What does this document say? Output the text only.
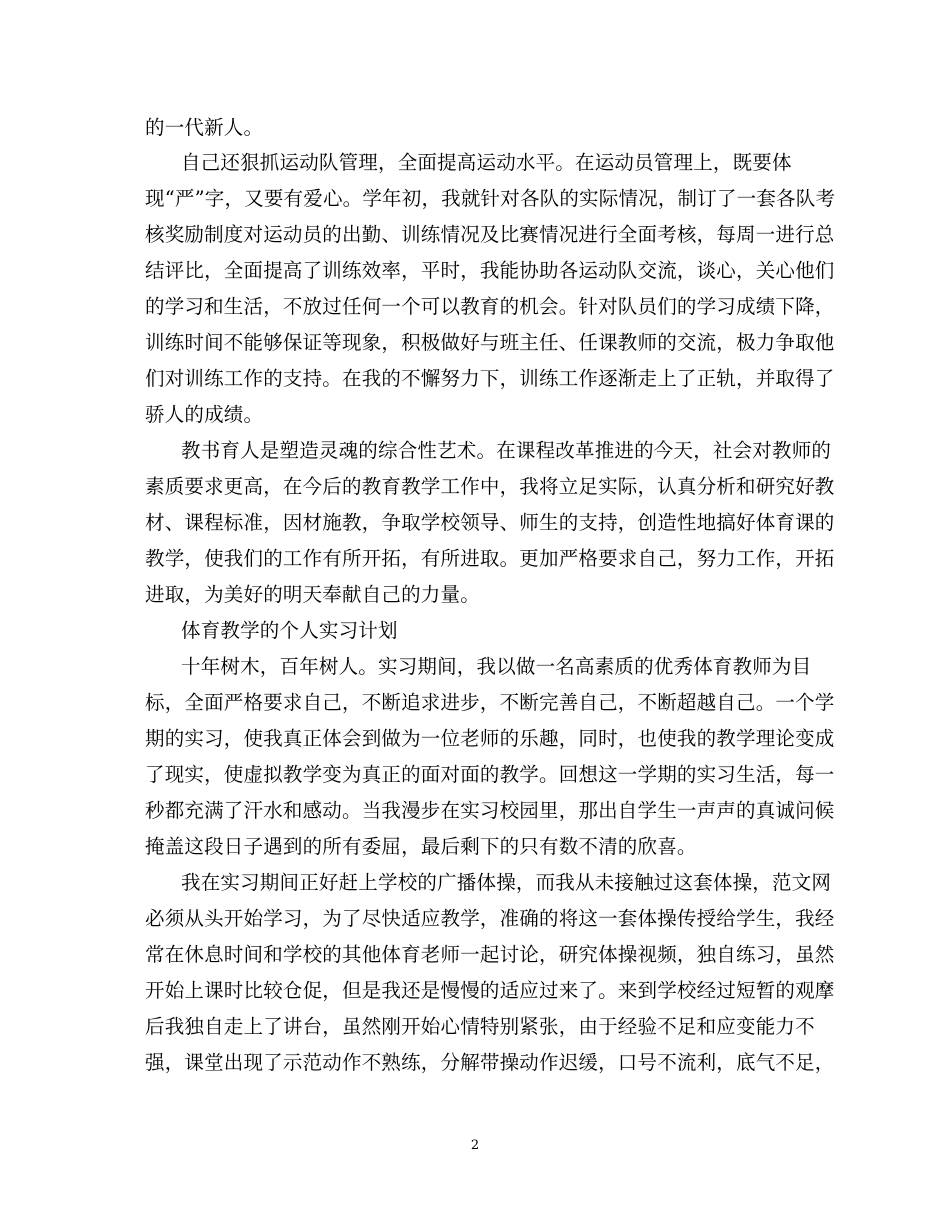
的一代新人。
自己还狠抓运动队管理，全面提高运动水平。在运动员管理上，既要体
现“严”字，又要有爱心。学年初，我就针对各队的实际情况，制订了一套各队考
核奖励制度对运动员的出勤、训练情况及比赛情况进行全面考核，每周一进行总
结评比，全面提高了训练效率，平时，我能协助各运动队交流，谈心，关心他们
的学习和生活，不放过任何一个可以教育的机会。针对队员们的学习成绩下降，
训练时间不能够保证等现象，积极做好与班主任、任课教师的交流，极力争取他
们对训练工作的支持。在我的不懈努力下，训练工作逐渐走上了正轨，并取得了
骄人的成绩。
教书育人是塑造灵魂的综合性艺术。在课程改革推进的今天，社会对教师的
素质要求更高，在今后的教育教学工作中，我将立足实际，认真分析和研究好教
材、课程标准，因材施教，争取学校领导、师生的支持，创造性地搞好体育课的
教学，使我们的工作有所开拓，有所进取。更加严格要求自己，努力工作，开拓
进取，为美好的明天奉献自己的力量。
体育教学的个人实习计划
十年树木，百年树人。实习期间，我以做一名高素质的优秀体育教师为目
标，全面严格要求自己，不断追求进步，不断完善自己，不断超越自己。一个学
期的实习，使我真正体会到做为一位老师的乐趣，同时，也使我的教学理论变成
了现实，使虚拟教学变为真正的面对面的教学。回想这一学期的实习生活，每一
秒都充满了汗水和感动。当我漫步在实习校园里，那出自学生一声声的真诚问候
掩盖这段日子遇到的所有委屈，最后剩下的只有数不清的欣喜。
我在实习期间正好赶上学校的广播体操，而我从未接触过这套体操，范文网
必须从头开始学习，为了尽快适应教学，准确的将这一套体操传授给学生，我经
常在休息时间和学校的其他体育老师一起讨论，研究体操视频，独自练习，虽然
开始上课时比较仓促，但是我还是慢慢的适应过来了。来到学校经过短暂的观摩
后我独自走上了讲台，虽然刚开始心情特别紧张，由于经验不足和应变能力不
强，课堂出现了示范动作不熟练，分解带操动作迟缓，口号不流利，底气不足，
2
